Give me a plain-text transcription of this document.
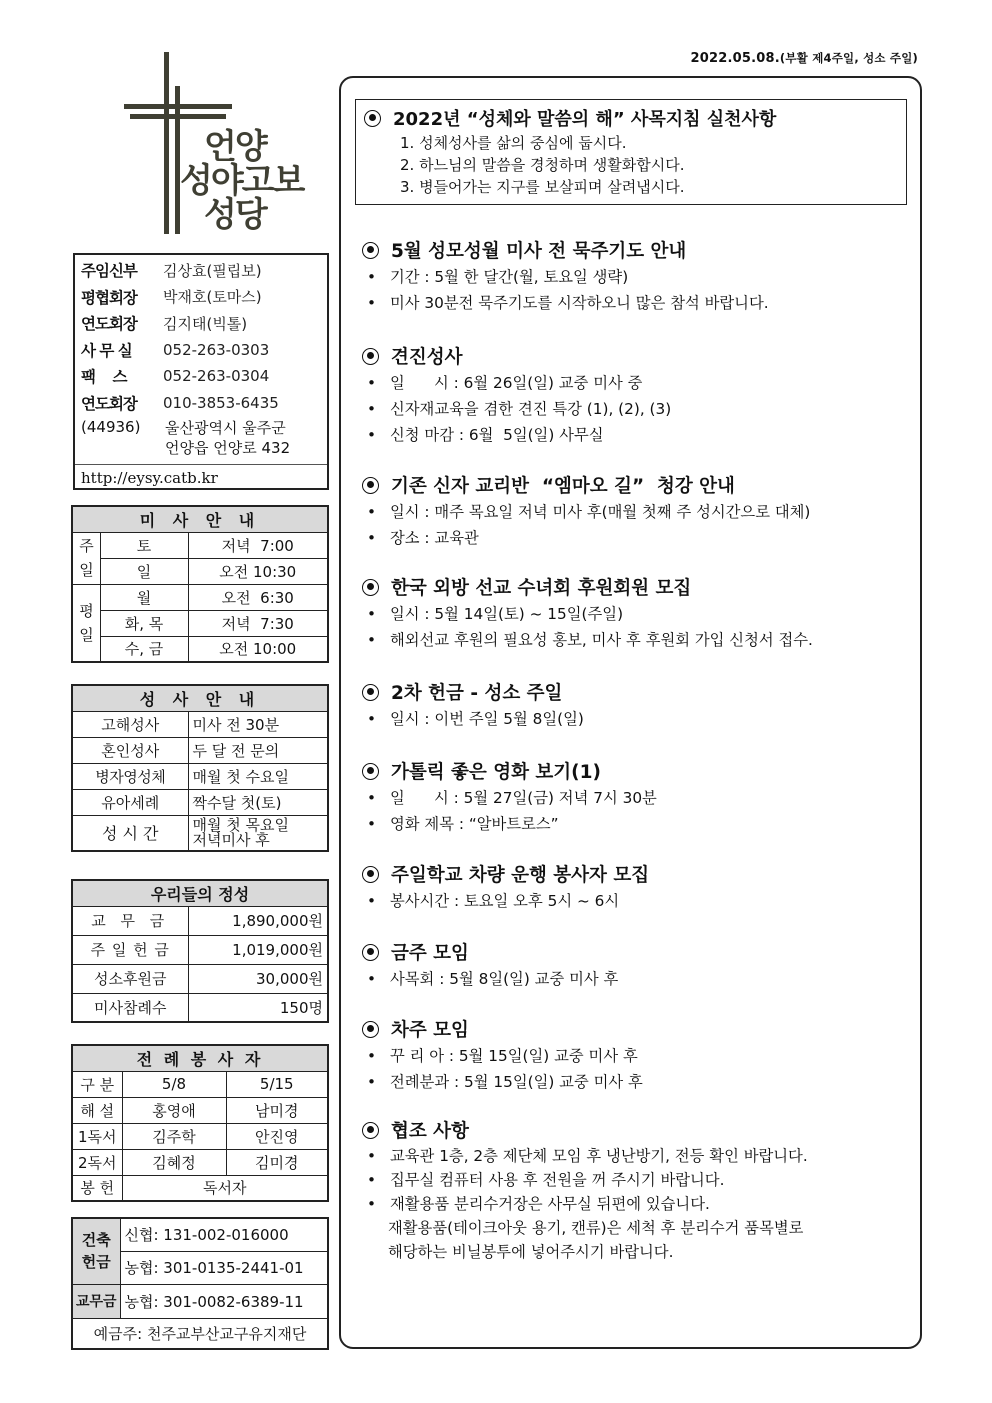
2022.05.08.(부활 제4주일, 성소 주일)
언양
성야고보
성당
주임신부	김상효(필립보)
평협회장	박재호(토마스)
연도회장	김지태(빅톨)
사 무 실	052-263-0303
팩    스	052-263-0304
연도회장	010-3853-6435
(44936)	울산광역시 울주군
언양읍 언양로 432
http://eysy.catb.kr
미 사 안 내		
주일	토	저녁  7:00
	일	오전 10:30
평일	월	오전  6:30
	화, 목	저녁  7:30
	수, 금	오전 10:00
성 사 안 내	
고해성사	미사 전 30분
혼인성사	두 달 전 문의
병자영성체	매월 첫 수요일
유아세례	짝수달 첫(토)
성 시 간	매월 첫 목요일
저녁미사 후
우리들의 정성	
교 무 금	1,890,000원
주 일 헌 금	1,019,000원
성소후원금	30,000원
미사참례수	150명
전 례 봉 사 자		
구 분	5/8	5/15
해 설	홍영애	남미경
1독서	김주학	안진영
2독서	김혜정	김미경
봉 헌	독서자	
건축
헌금	신협: 131-002-016000
	농협: 301-0135-2441-01
교무금	농협: 301-0082-6389-11
예금주: 천주교부산교구유지재단	
2022년 “성체와 말씀의 해” 사목지침 실천사항
1. 성체성사를 삶의 중심에 둡시다.
2. 하느님의 말씀을 경청하며 생활화합시다.
3. 병들어가는 지구를 보살피며 살려냅시다.
5월 성모성월 미사 전 묵주기도 안내
• 기간 : 5월 한 달간(월, 토요일 생략)
• 미사 30분전 묵주기도를 시작하오니 많은 참석 바랍니다.
견진성사
• 일      시 : 6월 26일(일) 교중 미사 중
• 신자재교육을 겸한 견진 특강 (1), (2), (3)
• 신청 마감 : 6월  5일(일) 사무실
기존 신자 교리반  “엠마오 길”  청강 안내
• 일시 : 매주 목요일 저녁 미사 후(매월 첫째 주 성시간으로 대체)
• 장소 : 교육관
한국 외방 선교 수녀회 후원회원 모집
• 일시 : 5월 14일(토) ~ 15일(주일)
• 해외선교 후원의 필요성 홍보, 미사 후 후원회 가입 신청서 접수.
2차 헌금 - 성소 주일
• 일시 : 이번 주일 5월 8일(일)
가톨릭 좋은 영화 보기(1)
• 일      시 : 5월 27일(금) 저녁 7시 30분
• 영화 제목 : “알바트로스”
주일학교 차량 운행 봉사자 모집
• 봉사시간 : 토요일 오후 5시 ~ 6시
금주 모임
• 사목회 : 5월 8일(일) 교중 미사 후
차주 모임
• 꾸 리 아 : 5월 15일(일) 교중 미사 후
• 전례분과 : 5월 15일(일) 교중 미사 후
협조 사항
• 교육관 1층, 2층 제단체 모임 후 냉난방기, 전등 확인 바랍니다.
• 집무실 컴퓨터 사용 후 전원을 꺼 주시기 바랍니다.
• 재활용품 분리수거장은 사무실 뒤편에 있습니다.
재활용품(테이크아웃 용기, 캔류)은 세척 후 분리수거 품목별로
해당하는 비닐봉투에 넣어주시기 바랍니다.
